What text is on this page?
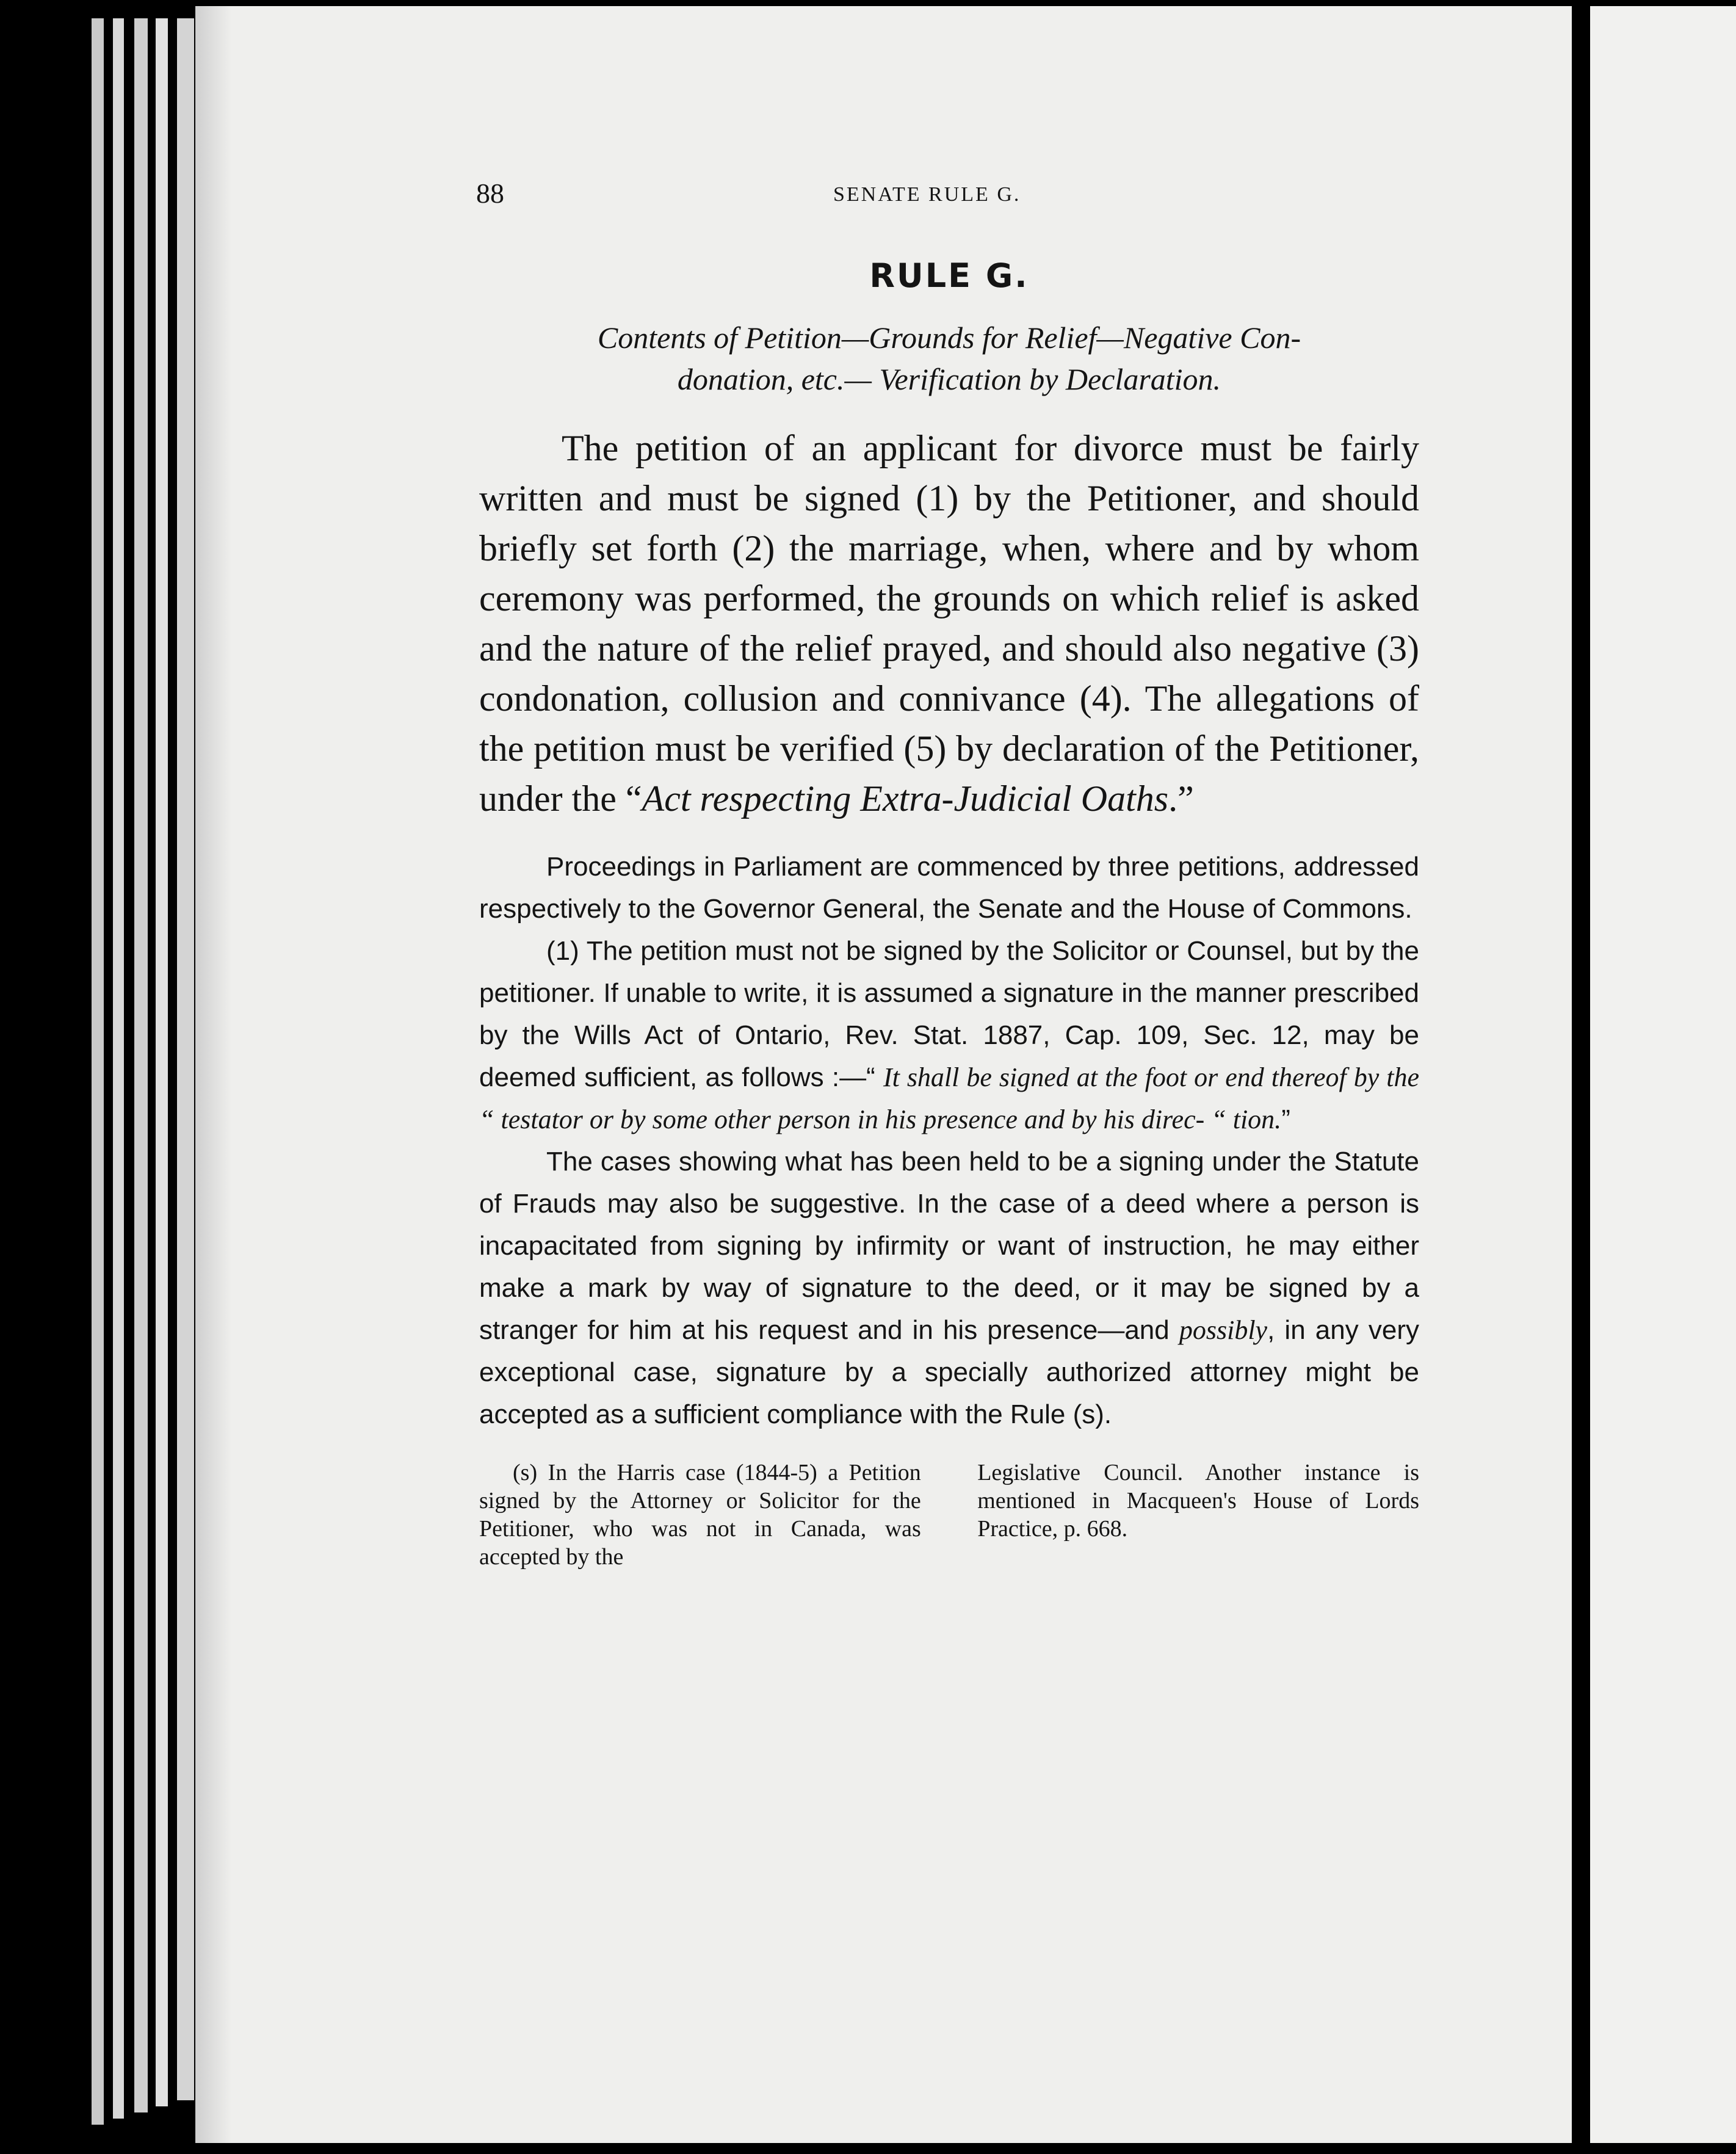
88	SENATE RULE G.
RULE G.

Contents of Petition—Grounds for Relief—Negative Con-
donation, etc.— Verification by Declaration.

The petition of an applicant for divorce must be fairly written and must be signed (1) by the Petitioner, and should briefly set forth (2) the marriage, when, where and by whom ceremony was performed, the grounds on which relief is asked and the nature of the relief prayed, and should also negative (3) condonation, collusion and connivance (4). The allegations of the petition must be verified (5) by declaration of the Petitioner, under the “Act respecting Extra-Judicial Oaths.”

Proceedings in Parliament are commenced by three petitions, addressed respectively to the Governor General, the Senate and the House of Commons.

(1) The petition must not be signed by the Solicitor or Counsel, but by the petitioner. If unable to write, it is assumed a signature in the manner prescribed by the Wills Act of Ontario, Rev. Stat. 1887, Cap. 109, Sec. 12, may be deemed sufficient, as follows :—“ It shall be signed at the foot or end thereof by the “ testator or by some other person in his presence and by his direc- “ tion.”

The cases showing what has been held to be a signing under the Statute of Frauds may also be suggestive. In the case of a deed where a person is incapacitated from signing by infirmity or want of instruction, he may either make a mark by way of signature to the deed, or it may be signed by a stranger for him at his request and in his presence—and possibly, in any very exceptional case, signature by a specially authorized attorney might be accepted as a sufficient compliance with the Rule (s).

(s) In the Harris case (1844-5) a Petition signed by the Attorney or Solicitor for the Petitioner, who was not in Canada, was accepted by the
Legislative Council. Another instance is mentioned in Macqueen's House of Lords Practice, p. 668.
